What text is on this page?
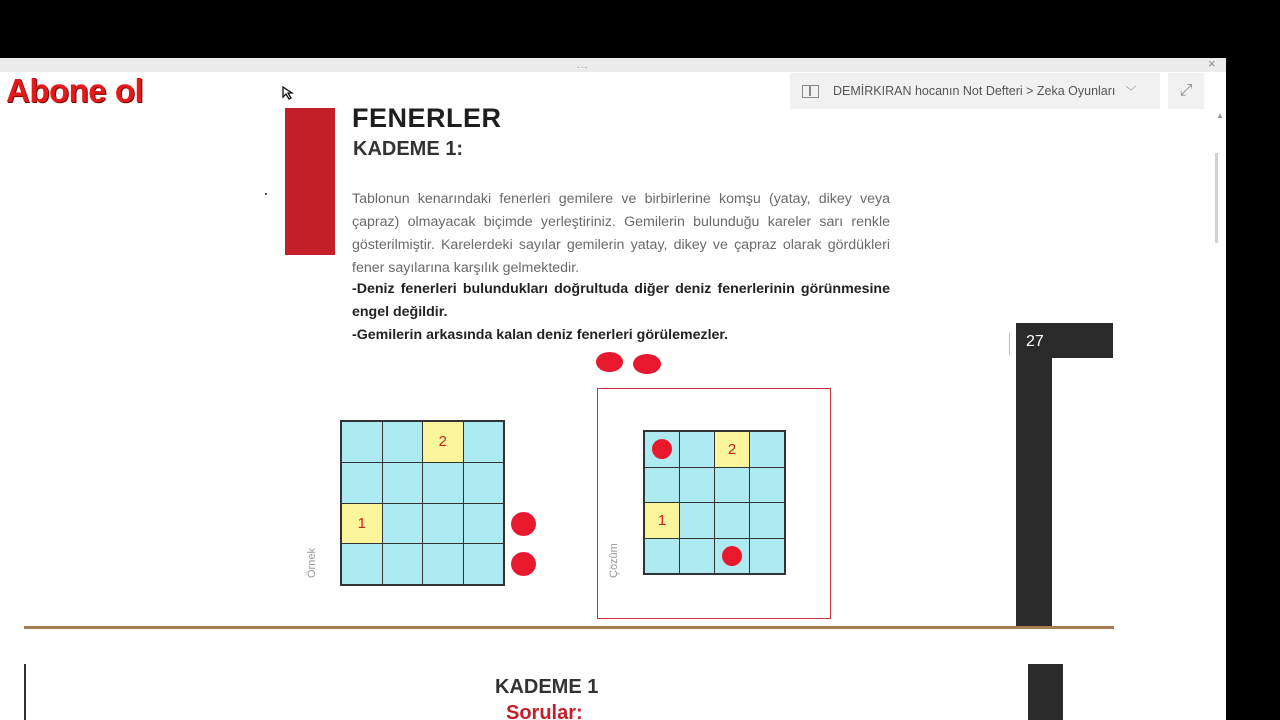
...	×
Abone ol	DEMİRKIRAN hocanın Not Defteri > Zeka Oyunları ﹀	⤢
▲
FENERLER
KADEME 1:
Tablonun kenarındaki fenerleri gemilere ve birbirlerine komşu (yatay, dikey veya çapraz) olmayacak biçimde yerleştiriniz. Gemilerin bulunduğu kareler sarı renkle gösterilmiştir. Karelerdeki sayılar gemilerin yatay, dikey ve çapraz olarak gördükleri fener sayılarına karşılık gelmektedir.
-Deniz fenerleri bulundukları doğrultuda diğer deniz fenerlerinin görünmesine engel değildir.
-Gemilerin arkasında kalan deniz fenerleri görülemezler.
2
1
Örnek
2
1
Çözüm
27
KADEME 1
Sorular:
